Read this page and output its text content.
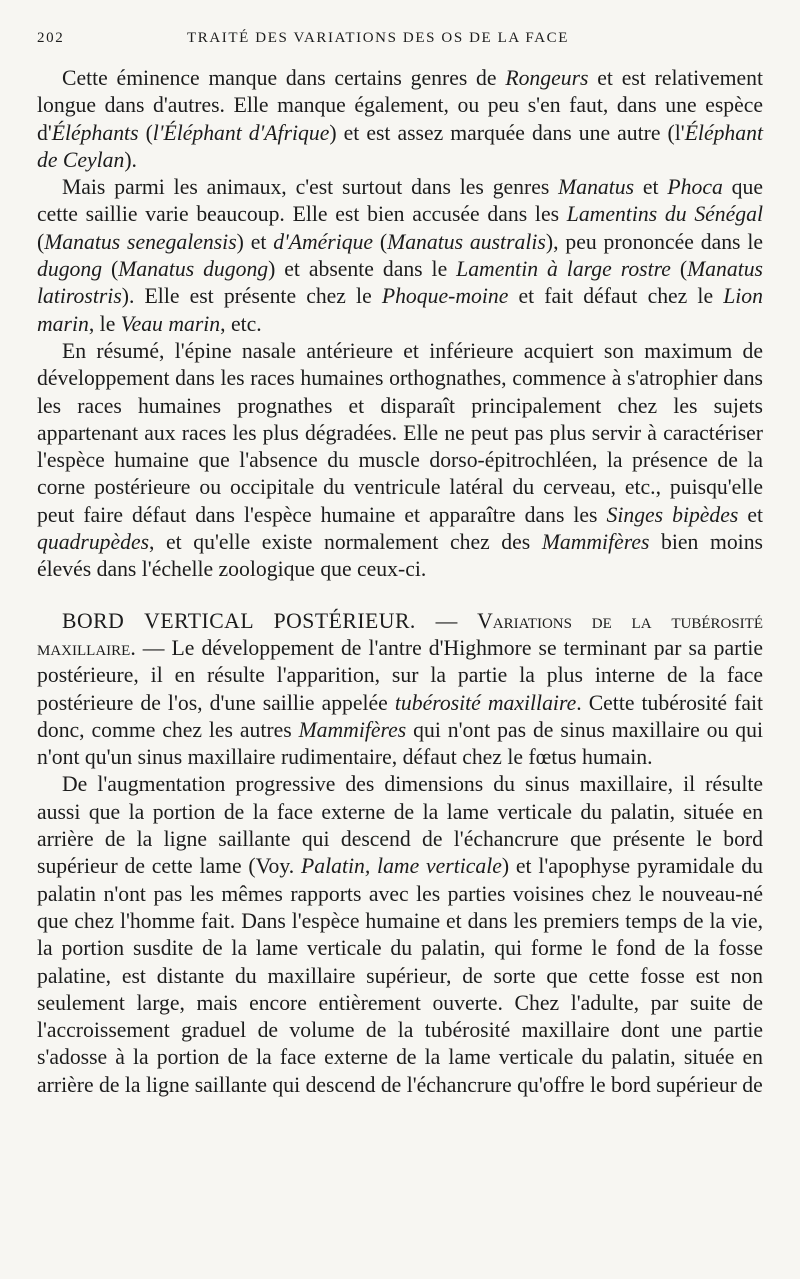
202	TRAITÉ DES VARIATIONS DES OS DE LA FACE

Cette éminence manque dans certains genres de Rongeurs et est relativement longue dans d'autres. Elle manque également, ou peu s'en faut, dans une espèce d'Éléphants (l'Éléphant d'Afrique) et est assez marquée dans une autre (l'Éléphant de Ceylan).

Mais parmi les animaux, c'est surtout dans les genres Manatus et Phoca que cette saillie varie beaucoup. Elle est bien accusée dans les Lamentins du Sénégal (Manatus senegalensis) et d'Amérique (Manatus australis), peu prononcée dans le dugong (Manatus dugong) et absente dans le Lamentin à large rostre (Manatus latirostris). Elle est présente chez le Phoque-moine et fait défaut chez le Lion marin, le Veau marin, etc.

En résumé, l'épine nasale antérieure et inférieure acquiert son maximum de développement dans les races humaines orthognathes, commence à s'atrophier dans les races humaines prognathes et disparaît principalement chez les sujets appartenant aux races les plus dégradées. Elle ne peut pas plus servir à caractériser l'espèce humaine que l'absence du muscle dorso-épitrochléen, la présence de la corne postérieure ou occipitale du ventricule latéral du cerveau, etc., puisqu'elle peut faire défaut dans l'espèce humaine et apparaître dans les Singes bipèdes et quadrupèdes, et qu'elle existe normalement chez des Mammifères bien moins élevés dans l'échelle zoologique que ceux-ci.

BORD VERTICAL POSTÉRIEUR. — Variations de la tubérosité maxillaire. — Le développement de l'antre d'Highmore se terminant par sa partie postérieure, il en résulte l'apparition, sur la partie la plus interne de la face postérieure de l'os, d'une saillie appelée tubérosité maxillaire. Cette tubérosité fait donc, comme chez les autres Mammifères qui n'ont pas de sinus maxillaire ou qui n'ont qu'un sinus maxillaire rudimentaire, défaut chez le fœtus humain.

De l'augmentation progressive des dimensions du sinus maxillaire, il résulte aussi que la portion de la face externe de la lame verticale du palatin, située en arrière de la ligne saillante qui descend de l'échancrure que présente le bord supérieur de cette lame (Voy. Palatin, lame verticale) et l'apophyse pyramidale du palatin n'ont pas les mêmes rapports avec les parties voisines chez le nouveau-né que chez l'homme fait. Dans l'espèce humaine et dans les premiers temps de la vie, la portion susdite de la lame verticale du palatin, qui forme le fond de la fosse palatine, est distante du maxillaire supérieur, de sorte que cette fosse est non seulement large, mais encore entièrement ouverte. Chez l'adulte, par suite de l'accroissement graduel de volume de la tubérosité maxillaire dont une partie s'adosse à la portion de la face externe de la lame verticale du palatin, située en arrière de la ligne saillante qui descend de l'échancrure qu'offre le bord supérieur de
